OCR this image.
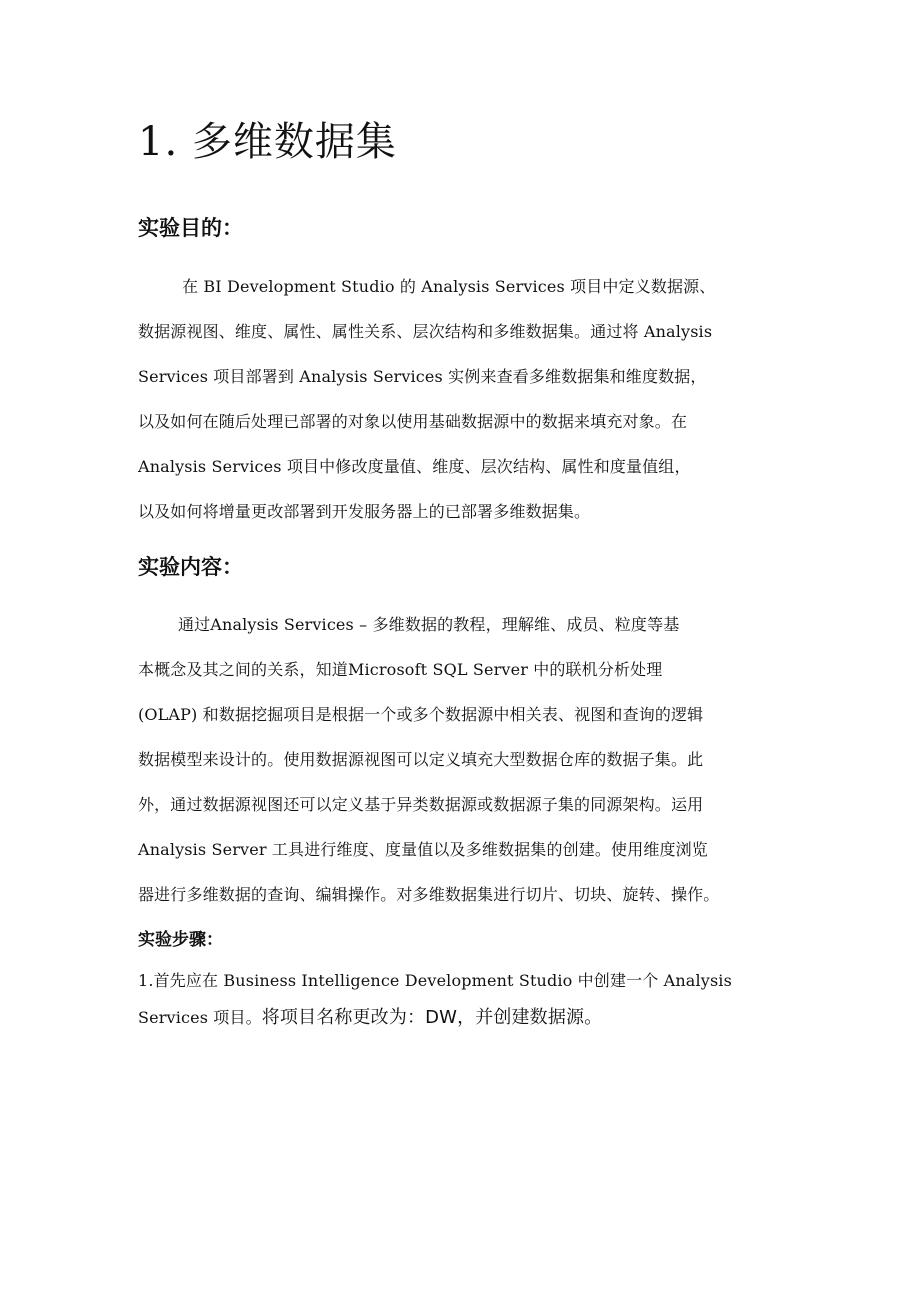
1. 多维数据集
实验目的：
在 BI Development Studio 的 Analysis Services 项目中定义数据源、
数据源视图、维度、属性、属性关系、层次结构和多维数据集。通过将 Analysis
Services 项目部署到 Analysis Services 实例来查看多维数据集和维度数据，
以及如何在随后处理已部署的对象以使用基础数据源中的数据来填充对象。在
Analysis Services 项目中修改度量值、维度、层次结构、属性和度量值组，
以及如何将增量更改部署到开发服务器上的已部署多维数据集。
实验内容：
通过Analysis Services – 多维数据的教程，理解维、成员、粒度等基
本概念及其之间的关系，知道Microsoft SQL Server 中的联机分析处理
(OLAP) 和数据挖掘项目是根据一个或多个数据源中相关表、视图和查询的逻辑
数据模型来设计的。使用数据源视图可以定义填充大型数据仓库的数据子集。此
外，通过数据源视图还可以定义基于异类数据源或数据源子集的同源架构。运用
Analysis Server 工具进行维度、度量值以及多维数据集的创建。使用维度浏览
器进行多维数据的查询、编辑操作。对多维数据集进行切片、切块、旋转、操作。
实验步骤：
1.首先应在 Business Intelligence Development Studio 中创建一个 Analysis
Services 项目。将项目名称更改为：DW，并创建数据源。
